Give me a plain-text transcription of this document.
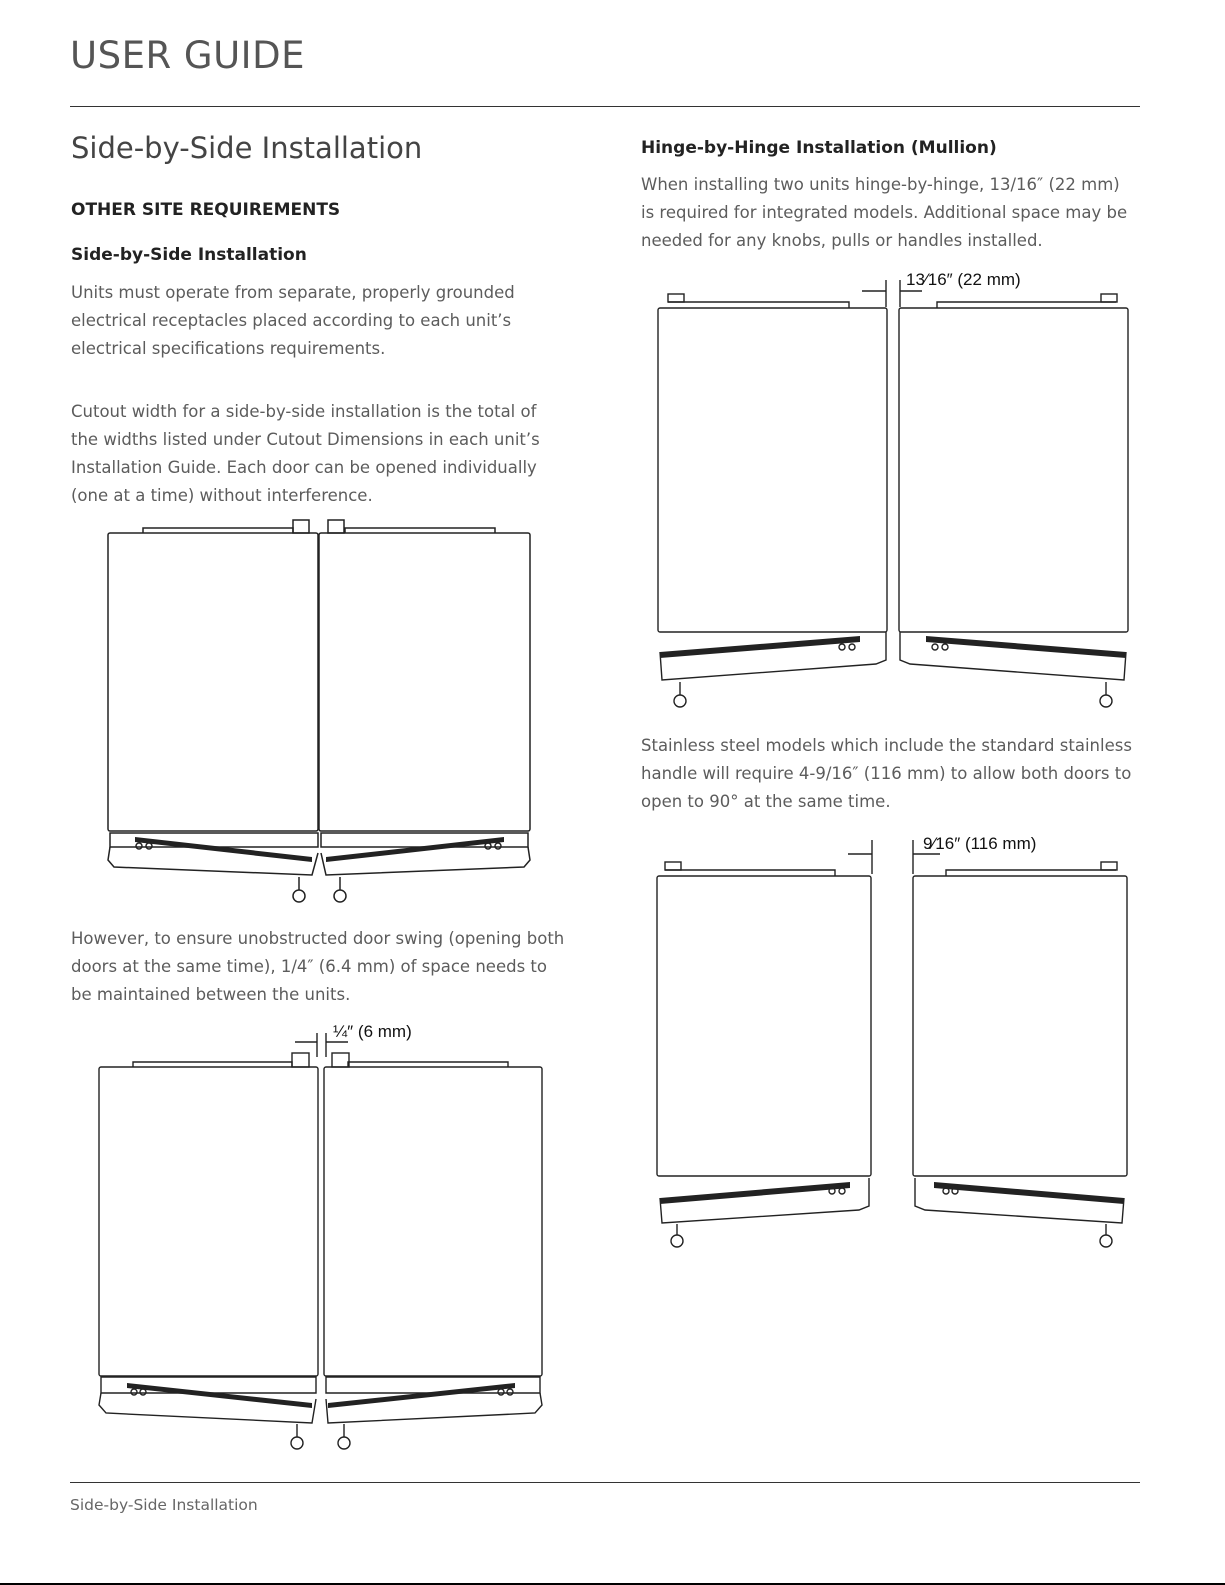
USER GUIDE
Side-by-Side Installation

OTHER SITE REQUIREMENTS

Side-by-Side Installation

Units must operate from separate, properly grounded electrical receptacles placed according to each unit’s electrical specifications requirements.

Cutout width for a side-by-side installation is the total of the widths listed under Cutout Dimensions in each unit’s Installation Guide. Each door can be opened individually (one at a time) without interference.

However, to ensure unobstructed door swing (opening both doors at the same time), 1/4″ (6.4 mm) of space needs to be maintained between the units.

¼″ (6 mm)

Hinge-by-Hinge Installation (Mullion)

When installing two units hinge-by-hinge, 13/16″ (22 mm) is required for integrated models. Additional space may be needed for any knobs, pulls or handles installed.

13⁄16″ (22 mm)

Stainless steel models which include the standard stainless handle will require 4-9/16″ (116 mm) to allow both doors to open to 90° at the same time.

9⁄16″ (116 mm)
Side-by-Side Installation
